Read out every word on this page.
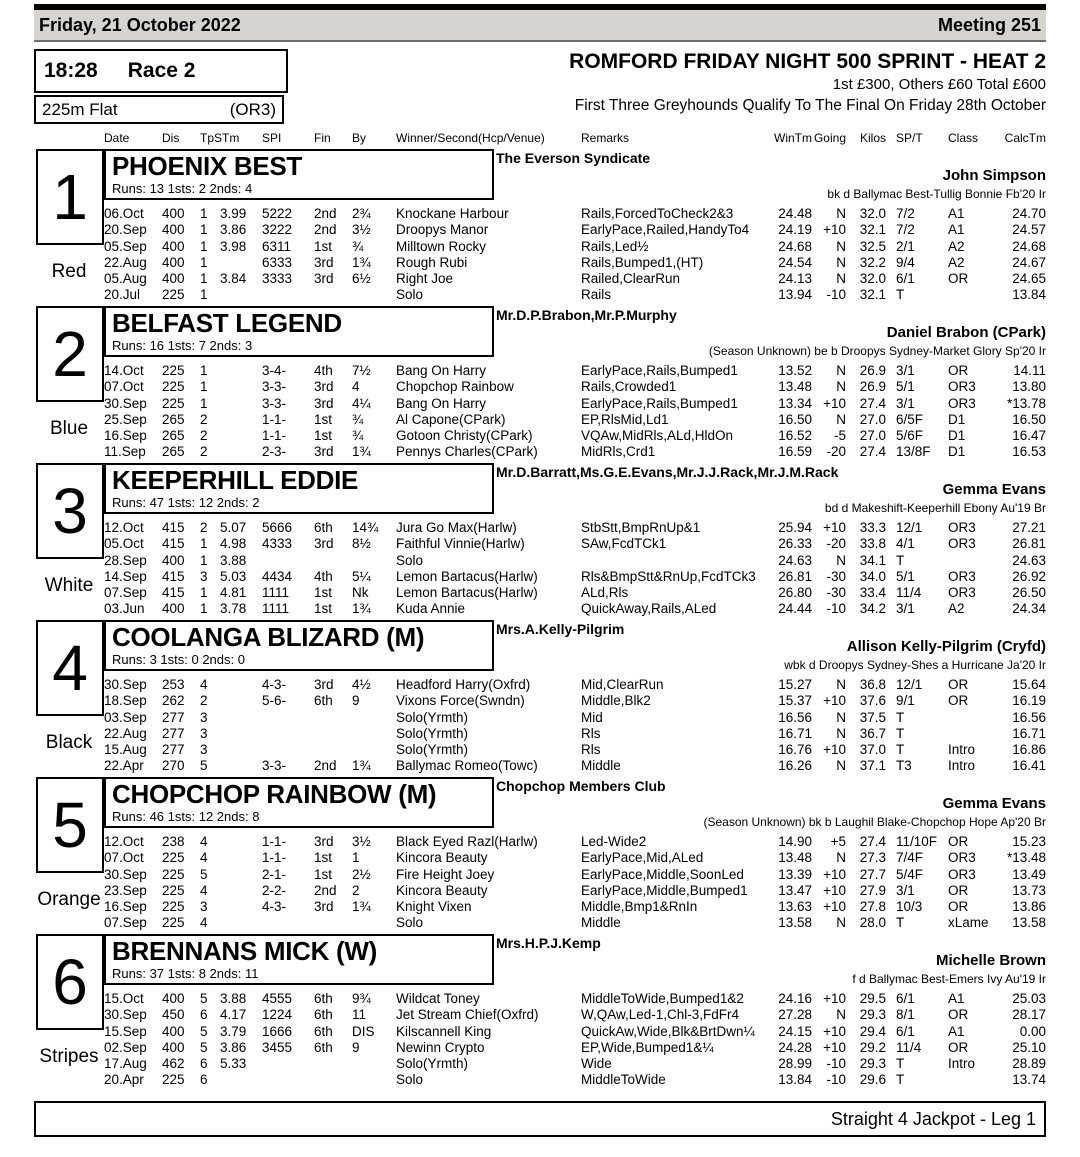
Friday, 21 October 2022	Meeting 251
18:28 Race 2
225m Flat	(OR3)
ROMFORD FRIDAY NIGHT 500 SPRINT - HEAT 2
1st £300, Others £60 Total £600
First Three Greyhounds Qualify To The Final On Friday 28th October
Date	Dis	TpSTm	SPI	Fin	By	Winner/Second(Hcp/Venue)	Remarks	WinTm Going	Kilos SP/T	Class	CalcTm
1
Red
PHOENIX BEST
Runs: 13 1sts: 2 2nds: 4
The Everson Syndicate
John Simpson
bk d Ballymac Best-Tullig Bonnie Fb'20 Ir
06.Oct	400	1 3.99	5222	2nd	2¾	Knockane Harbour	Rails,ForcedToCheck2&3	24.48	N	32.0 7/2	A1	24.70
20.Sep	400	1 3.86	3222	2nd	3½	Droopys Manor	EarlyPace,Railed,HandyTo4	24.19 +10	32.1 7/2	A1	24.57
05.Sep	400	1 3.98	6311	1st	¾	Milltown Rocky	Rails,Led½	24.68	N	32.5 2/1	A2	24.68
22.Aug	400	1	6333	3rd	1¾	Rough Rubi	Rails,Bumped1,(HT)	24.54	N	32.2 9/4	A2	24.67
05.Aug	400	1 3.84	3333	3rd	6½	Right Joe	Railed,ClearRun	24.13	N	32.0 6/1	OR	24.65
20.Jul	225	1	Solo	Rails	13.94	-10	32.1 T	13.84
2
Blue
BELFAST LEGEND
Runs: 16 1sts: 7 2nds: 3
Mr.D.P.Brabon,Mr.P.Murphy
Daniel Brabon (CPark)
(Season Unknown) be b Droopys Sydney-Market Glory Sp'20 Ir
14.Oct	225	1	3-4-	4th	7½	Bang On Harry	EarlyPace,Rails,Bumped1	13.52	N	26.9 3/1	OR	14.11
07.Oct	225	1	3-3-	3rd	4	Chopchop Rainbow	Rails,Crowded1	13.48	N	26.9 5/1	OR3	13.80
30.Sep	225	1	3-3-	3rd	4¼	Bang On Harry	EarlyPace,Rails,Bumped1	13.34 +10	27.4 3/1	OR3	*13.78
25.Sep	265	2	1-1-	1st	¾	Al Capone(CPark)	EP,RlsMid,Ld1	16.50	N	27.0 6/5F	D1	16.50
16.Sep	265	2	1-1-	1st	¾	Gotoon Christy(CPark)	VQAw,MidRls,ALd,HldOn	16.52	-5	27.0 5/6F	D1	16.47
11.Sep	265	2	2-3-	3rd	1¾	Pennys Charles(CPark)	MidRls,Crd1	16.59	-20	27.4 13/8F	D1	16.53
3
White
KEEPERHILL EDDIE
Runs: 47 1sts: 12 2nds: 2
Mr.D.Barratt,Ms.G.E.Evans,Mr.J.J.Rack,Mr.J.M.Rack
Gemma Evans
bd d Makeshift-Keeperhill Ebony Au'19 Br
12.Oct	415	2 5.07	5666	6th	14¾	Jura Go Max(Harlw)	StbStt,BmpRnUp&1	25.94 +10	33.3 12/1	OR3	27.21
05.Oct	415	1 4.98	4333	3rd	8½	Faithful Vinnie(Harlw)	SAw,FcdTCk1	26.33	-20	33.8 4/1	OR3	26.81
28.Sep	400	1 3.88	Solo	24.63	N	34.1 T	24.63
14.Sep	415	3 5.03	4434	4th	5¼	Lemon Bartacus(Harlw)	Rls&BmpStt&RnUp,FcdTCk3	26.81	-30	34.0 5/1	OR3	26.92
07.Sep	415	1 4.81	1111	1st	Nk	Lemon Bartacus(Harlw)	ALd,Rls	26.80	-30	33.4 11/4	OR3	26.50
03.Jun	400	1 3.78	1111	1st	1¾	Kuda Annie	QuickAway,Rails,ALed	24.44	-10	34.2 3/1	A2	24.34
4
Black
COOLANGA BLIZARD (M)
Runs: 3 1sts: 0 2nds: 0
Mrs.A.Kelly-Pilgrim
Allison Kelly-Pilgrim (Cryfd)
wbk d Droopys Sydney-Shes a Hurricane Ja'20 Ir
30.Sep	253	4	4-3-	3rd	4½	Headford Harry(Oxfrd)	Mid,ClearRun	15.27	N	36.8 12/1	OR	15.64
18.Sep	262	2	5-6-	6th	9	Vixons Force(Swndn)	Middle,Blk2	15.37 +10	37.6 9/1	OR	16.19
03.Sep	277	3	Solo(Yrmth)	Mid	16.56	N	37.5 T	16.56
22.Aug	277	3	Solo(Yrmth)	Rls	16.71	N	36.7 T	16.71
15.Aug	277	3	Solo(Yrmth)	Rls	16.76 +10	37.0 T	Intro	16.86
22.Apr	270	5	3-3-	2nd	1¾	Ballymac Romeo(Towc)	Middle	16.26	N	37.1 T3	Intro	16.41
5
Orange
CHOPCHOP RAINBOW (M)
Runs: 46 1sts: 12 2nds: 8
Chopchop Members Club
Gemma Evans
(Season Unknown) bk b Laughil Blake-Chopchop Hope Ap'20 Br
12.Oct	238	4	1-1-	3rd	3½	Black Eyed Razl(Harlw)	Led-Wide2	14.90	+5	27.4 11/10F OR	15.23
07.Oct	225	4	1-1-	1st	1	Kincora Beauty	EarlyPace,Mid,ALed	13.48	N	27.3 7/4F	OR3	*13.48
30.Sep	225	5	2-1-	1st	2½	Fire Height Joey	EarlyPace,Middle,SoonLed	13.39 +10	27.7 5/4F	OR3	13.49
23.Sep	225	4	2-2-	2nd	2	Kincora Beauty	EarlyPace,Middle,Bumped1	13.47 +10	27.9 3/1	OR	13.73
16.Sep	225	3	4-3-	3rd	1¾	Knight Vixen	Middle,Bmp1&RnIn	13.63 +10	27.8 10/3	OR	13.86
07.Sep	225	4	Solo	Middle	13.58	N	28.0 T	xLame	13.58
6
Stripes
BRENNANS MICK (W)
Runs: 37 1sts: 8 2nds: 11
Mrs.H.P.J.Kemp
Michelle Brown
f d Ballymac Best-Emers Ivy Au'19 Ir
15.Oct	400	5 3.88	4555	6th	9¾	Wildcat Toney	MiddleToWide,Bumped1&2	24.16 +10	29.5 6/1	A1	25.03
30.Sep	450	6 4.17	1224	6th	11	Jet Stream Chief(Oxfrd)	W,QAw,Led-1,Chl-3,FdFr4	27.28	N	29.3 8/1	OR	28.17
15.Sep	400	5 3.79	1666	6th	DIS	Kilscannell King	QuickAw,Wide,Blk&BrtDwn¼	24.15 +10	29.4 6/1	A1	0.00
02.Sep	400	5 3.86	3455	6th	9	Newinn Crypto	EP,Wide,Bumped1&¼	24.28 +10	29.2 11/4	OR	25.10
17.Aug	462	6 5.33	Solo(Yrmth)	Wide	28.99	-10	29.3 T	Intro	28.89
20.Apr	225	6	Solo	MiddleToWide	13.84	-10	29.6 T	13.74
Straight 4 Jackpot - Leg 1
